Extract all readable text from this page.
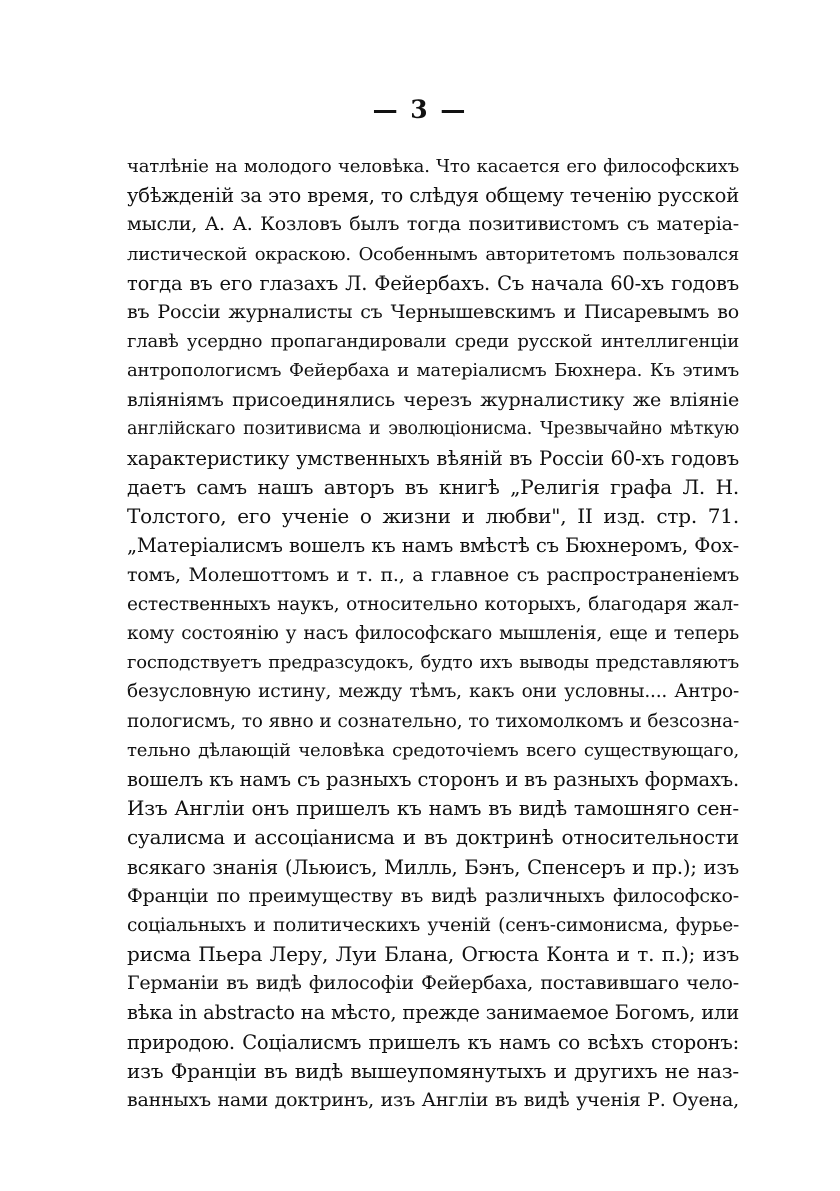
— 3 —
чатлѣніе на молодого человѣка. Что касается его философскихъ
убѣжденій за это время, то слѣдуя общему теченію русской
мысли, А. А. Козловъ былъ тогда позитивистомъ съ матеріа-
листической окраскою. Особеннымъ авторитетомъ пользовался
тогда въ его глазахъ Л. Фейербахъ. Съ начала 60-хъ годовъ
въ Россіи журналисты съ Чернышевскимъ и Писаревымъ во
главѣ усердно пропагандировали среди русской интеллигенціи
антропологисмъ Фейербаха и матеріалисмъ Бюхнера. Къ этимъ
вліяніямъ присоединялись черезъ журналистику же вліяніе
англійскаго позитивисма и эволюціонисма. Чрезвычайно мѣткую
характеристику умственныхъ вѣяній въ Россіи 60-хъ годовъ
даетъ самъ нашъ авторъ въ книгѣ „Религія графа Л. Н.
Толстого, его ученіе о жизни и любви", II изд. стр. 71.
„Матеріалисмъ вошелъ къ намъ вмѣстѣ съ Бюхнеромъ, Фох-
томъ, Молешоттомъ и т. п., а главное съ распространеніемъ
естественныхъ наукъ, относительно которыхъ, благодаря жал-
кому состоянію у насъ философскаго мышленія, еще и теперь
господствуетъ предразсудокъ, будто ихъ выводы представляютъ
безусловную истину, между тѣмъ, какъ они условны.... Антро-
пологисмъ, то явно и сознательно, то тихомолкомъ и безсозна-
тельно дѣлающій человѣка средоточіемъ всего существующаго,
вошелъ къ намъ съ разныхъ сторонъ и въ разныхъ формахъ.
Изъ Англіи онъ пришелъ къ намъ въ видѣ тамошняго сен-
суалисма и ассоціанисма и въ доктринѣ относительности
всякаго знанія (Льюисъ, Милль, Бэнъ, Спенсеръ и пр.); изъ
Франціи по преимуществу въ видѣ различныхъ философско-
соціальныхъ и политическихъ ученій (сенъ-симонисма, фурье-
рисма Пьера Леру, Луи Блана, Огюста Конта и т. п.); изъ
Германіи въ видѣ философіи Фейербаха, поставившаго чело-
вѣка in abstracto на мѣсто, прежде занимаемое Богомъ, или
природою. Соціалисмъ пришелъ къ намъ со всѣхъ сторонъ:
изъ Франціи въ видѣ вышеупомянутыхъ и другихъ не наз-
ванныхъ нами доктринъ, изъ Англіи въ видѣ ученія Р. Оуена,
